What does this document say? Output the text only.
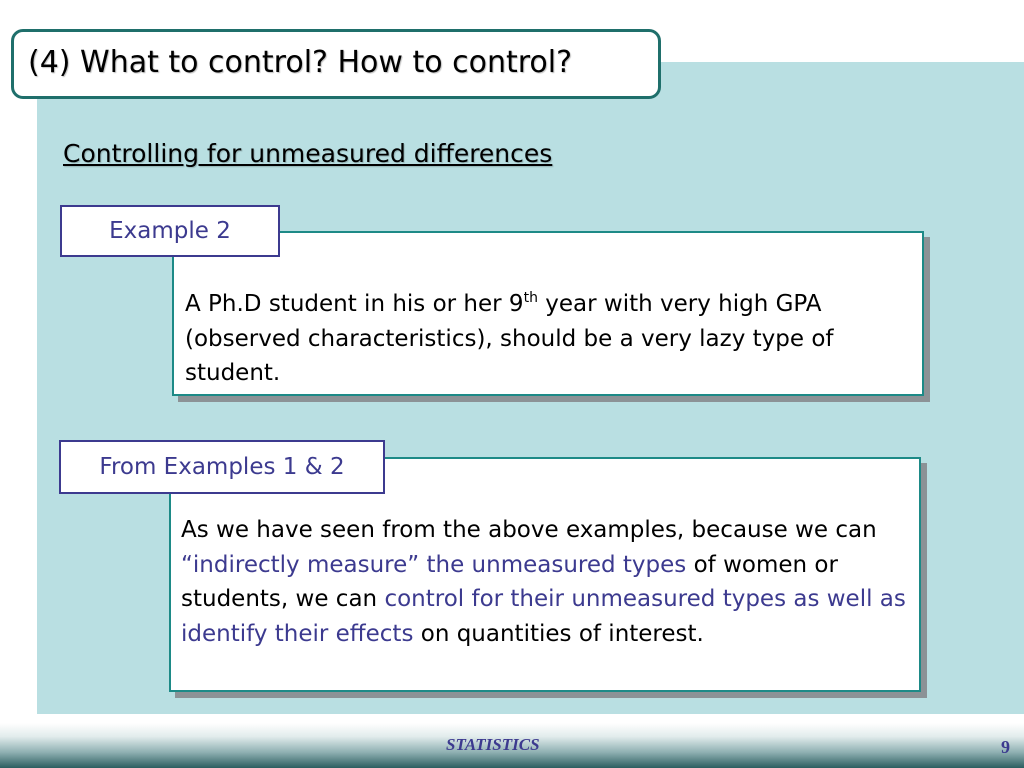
(4) What to control? How to control?
Controlling for unmeasured differences
Example 2
A Ph.D student in his or her 9th year with very high GPA (observed characteristics), should be a very lazy type of student.
From Examples 1 & 2
As we have seen from the above examples, because we can “indirectly measure” the unmeasured types of women or students, we can control for their unmeasured types as well as identify their effects on quantities of interest.
STATISTICS	9
